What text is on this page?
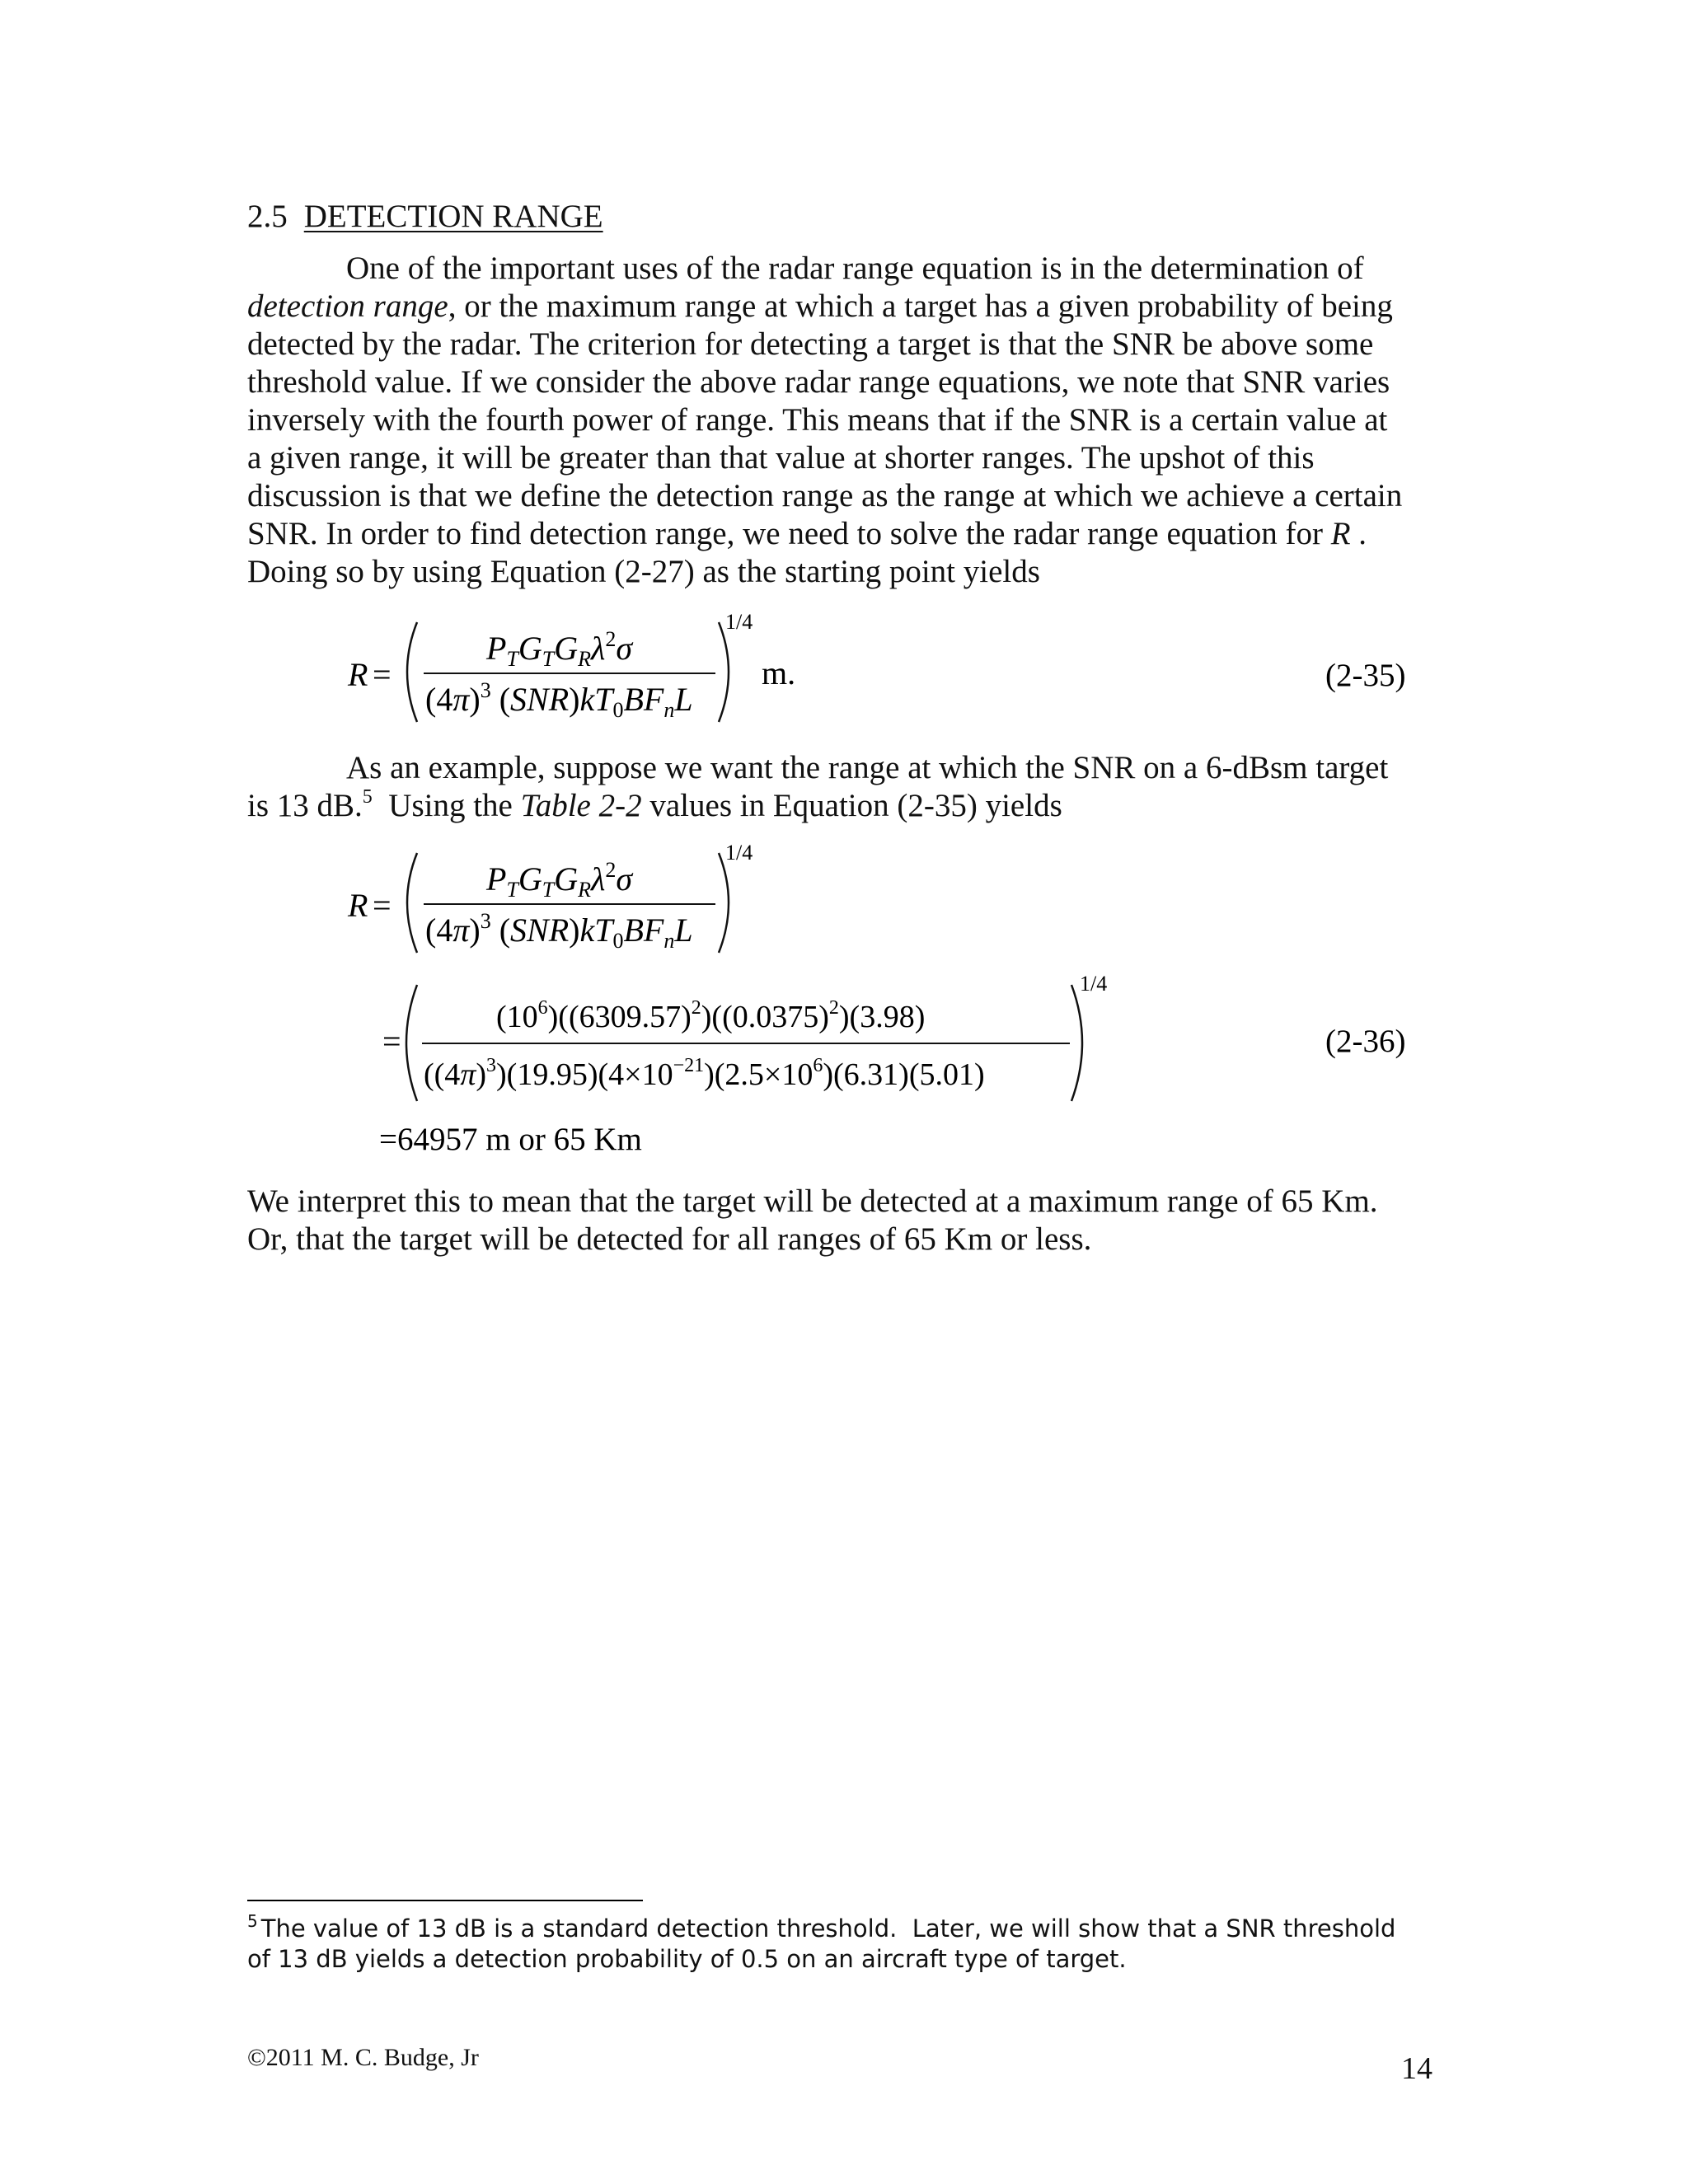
2.5 DETECTION RANGE
One of the important uses of the radar range equation is in the determination of
detection range, or the maximum range at which a target has a given probability of being
detected by the radar. The criterion for detecting a target is that the SNR be above some
threshold value. If we consider the above radar range equations, we note that SNR varies
inversely with the fourth power of range. This means that if the SNR is a certain value at
a given range, it will be greater than that value at shorter ranges. The upshot of this
discussion is that we define the detection range as the range at which we achieve a certain
SNR. In order to find detection range, we need to solve the radar range equation for R .
Doing so by using Equation (2-27) as the starting point yields
R =
$P_TG_TG_R\lambda^2\sigma$
$(4\pi)^3$ $(SNR)kT_0BF_nL$
1/4
m.	(2-35)
As an example, suppose we want the range at which the SNR on a 6-dBsm target
is 13 dB.$^5$  Using the Table 2-2 values in Equation (2-35) yields
R =
$P_TG_TG_R\lambda^2\sigma$
$(4\pi)^3$ $(SNR)kT_0BF_nL$
1/4
=
$(10^6)((6309.57)^2)((0.0375)^2)(3.98)$
$((4\pi)^3)(19.95)(4\times 10^{-21})(2.5\times 10^6)(6.31)(5.01)$
1/4
(2-36)
=64957 m or 65 Km
We interpret this to mean that the target will be detected at a maximum range of 65 Km.
Or, that the target will be detected for all ranges of 65 Km or less.
$^5$ The value of 13 dB is a standard detection threshold.  Later, we will show that a SNR threshold
of 13 dB yields a detection probability of 0.5 on an aircraft type of target.
©2011 M. C. Budge, Jr	14
